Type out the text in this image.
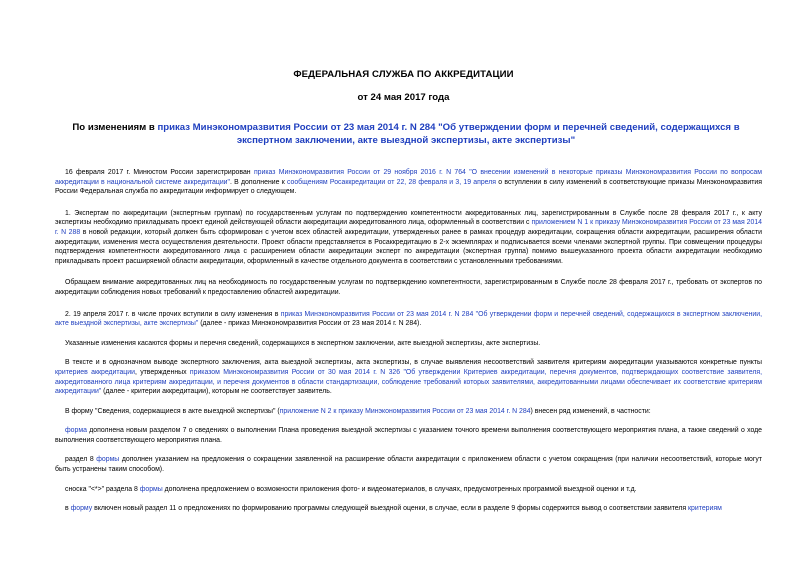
ФЕДЕРАЛЬНАЯ СЛУЖБА ПО АККРЕДИТАЦИИ
от 24 мая 2017 года
По изменениям в приказ Минэкономразвития России от 23 мая 2014 г. N 284 "Об утверждении форм и перечней сведений, содержащихся в экспертном заключении, акте выездной экспертизы, акте экспертизы"

16 февраля 2017 г. Минюстом России зарегистрирован приказ Минэкономразвития России от 29 ноября 2016 г. N 764 "О внесении изменений в некоторые приказы Минэкономразвития России по вопросам аккредитации в национальной системе аккредитации". В дополнение к сообщениям Росаккредитации от 22, 28 февраля и 3, 19 апреля о вступлении в силу изменений в соответствующие приказы Минэкономразвития России Федеральная служба по аккредитации информирует о следующем.

1. Экспертам по аккредитации (экспертным группам) по государственным услугам по подтверждению компетентности аккредитованных лиц, зарегистрированным в Службе после 28 февраля 2017 г., к акту экспертизы необходимо прикладывать проект единой действующей области аккредитации аккредитованного лица, оформленный в соответствии с приложением N 1 к приказу Минэкономразвития России от 23 мая 2014 г. N 288 в новой редакции, который должен быть сформирован с учетом всех областей аккредитации, утвержденных ранее в рамках процедур аккредитации, сокращения области аккредитации, расширения области аккредитации, изменения места осуществления деятельности. Проект области представляется в Росаккредитацию в 2-х экземплярах и подписывается всеми членами экспертной группы. При совмещении процедуры подтверждения компетентности аккредитованного лица с расширением области аккредитации эксперт по аккредитации (экспертная группа) помимо вышеуказанного проекта области аккредитации необходимо прикладывать проект расширяемой области аккредитации, оформленный в качестве отдельного документа в соответствии с установленными требованиями.

Обращаем внимание аккредитованных лиц на необходимость по государственным услугам по подтверждению компетентности, зарегистрированным в Службе после 28 февраля 2017 г., требовать от экспертов по аккредитации соблюдения новых требований к предоставлению областей аккредитации.

2. 19 апреля 2017 г. в числе прочих вступили в силу изменения в приказ Минэкономразвития России от 23 мая 2014 г. N 284 "Об утверждении форм и перечней сведений, содержащихся в экспертном заключении, акте выездной экспертизы, акте экспертизы" (далее - приказ Минэкономразвития России от 23 мая 2014 г. N 284).

Указанные изменения касаются формы и перечня сведений, содержащихся в экспертном заключении, акте выездной экспертизы, акте экспертизы.

В тексте и в однозначном выводе экспертного заключения, акта выездной экспертизы, акта экспертизы, в случае выявления несоответствий заявителя критериям аккредитации указываются конкретные пункты критериев аккредитации, утвержденных приказом Минэкономразвития России от 30 мая 2014 г. N 326 "Об утверждении Критериев аккредитации, перечня документов, подтверждающих соответствие заявителя, аккредитованного лица критериям аккредитации, и перечня документов в области стандартизации, соблюдение требований которых заявителями, аккредитованными лицами обеспечивает их соответствие критериям аккредитации" (далее - критерии аккредитации), которым не соответствует заявитель.

В форму "Сведения, содержащиеся в акте выездной экспертизы" (приложение N 2 к приказу Минэкономразвития России от 23 мая 2014 г. N 284) внесен ряд изменений, в частности:

форма дополнена новым разделом 7 о сведениях о выполнении Плана проведения выездной экспертизы с указанием точного времени выполнения соответствующего мероприятия плана, а также сведений о ходе выполнения соответствующего мероприятия плана.

раздел 8 формы дополнен указанием на предложения о сокращении заявленной на расширение области аккредитации с приложением области с учетом сокращения (при наличии несоответствий, которые могут быть устранены таким способом).

сноска "<*>" раздела 8 формы дополнена предложением о возможности приложения фото- и видеоматериалов, в случаях, предусмотренных программой выездной оценки и т.д.

в форму включен новый раздел 11 о предложениях по формированию программы следующей выездной оценки, в случае, если в разделе 9 формы содержится вывод о соответствии заявителя критериям
